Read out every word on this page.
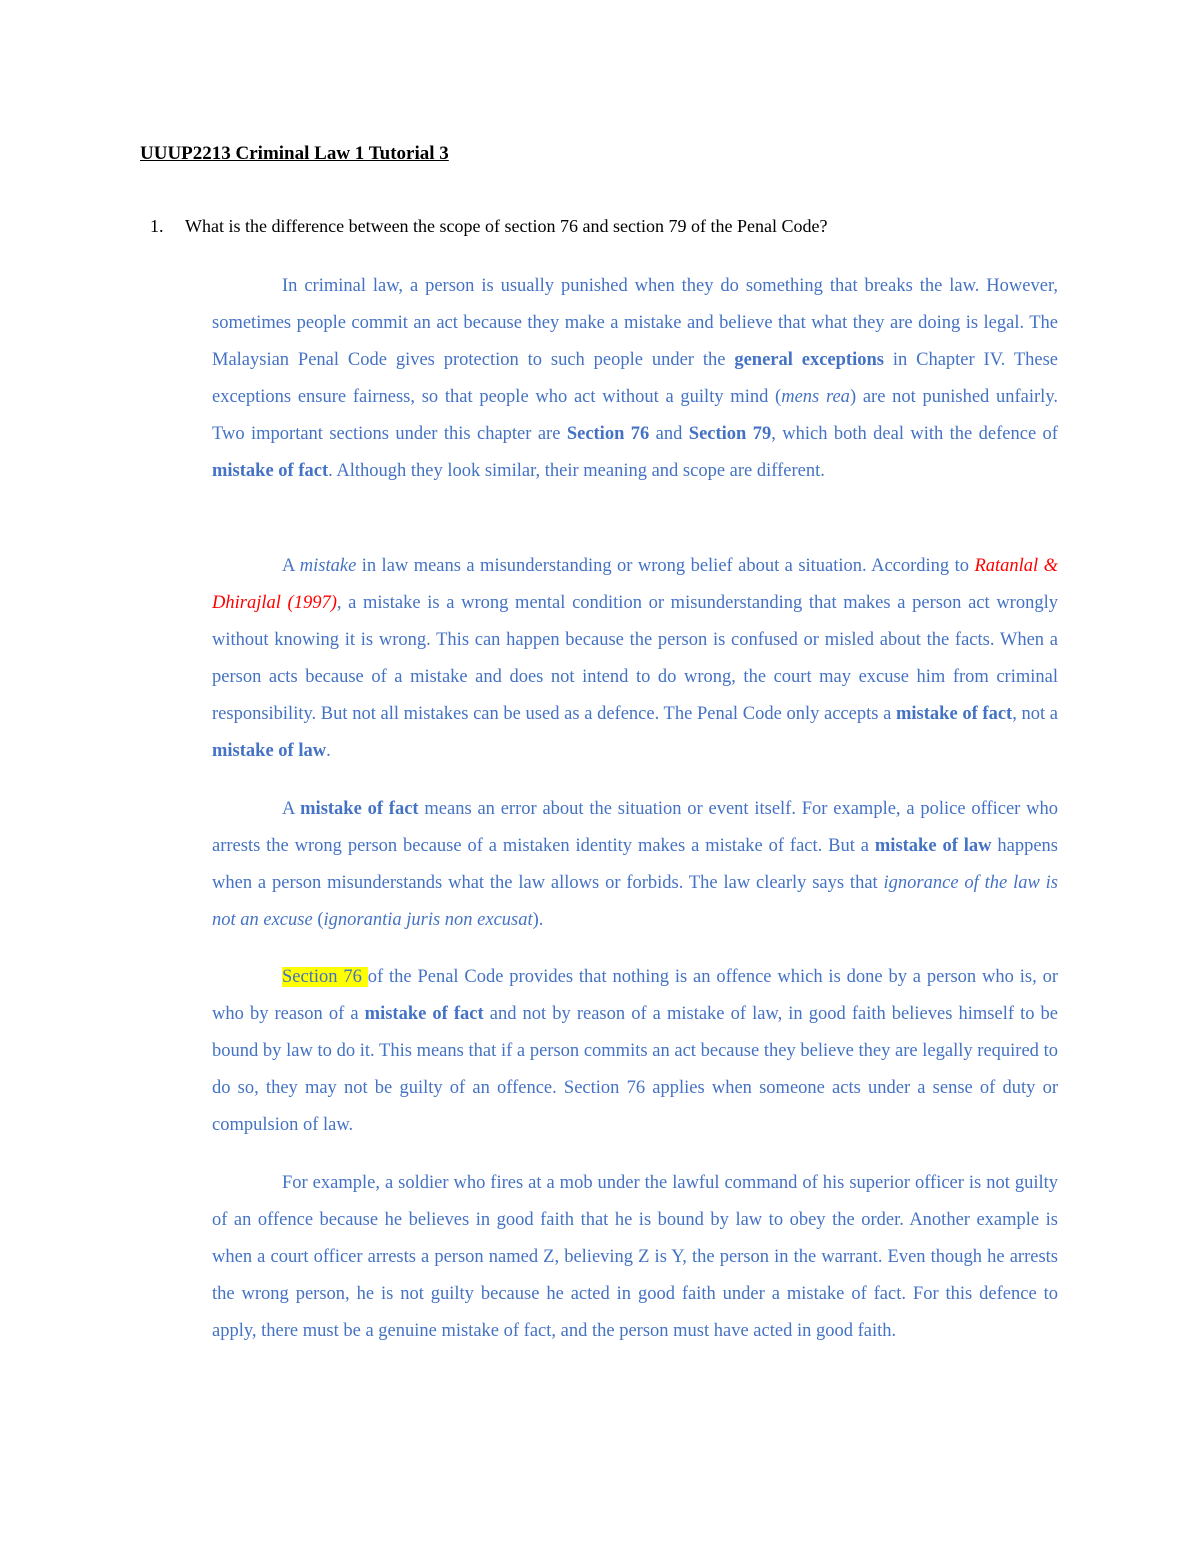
UUUP2213 Criminal Law 1 Tutorial 3

1. What is the difference between the scope of section 76 and section 79 of the Penal Code?

In criminal law, a person is usually punished when they do something that breaks the law. However, sometimes people commit an act because they make a mistake and believe that what they are doing is legal. The Malaysian Penal Code gives protection to such people under the general exceptions in Chapter IV. These exceptions ensure fairness, so that people who act without a guilty mind (mens rea) are not punished unfairly. Two important sections under this chapter are Section 76 and Section 79, which both deal with the defence of mistake of fact. Although they look similar, their meaning and scope are different.

A mistake in law means a misunderstanding or wrong belief about a situation. According to Ratanlal & Dhirajlal (1997), a mistake is a wrong mental condition or misunderstanding that makes a person act wrongly without knowing it is wrong. This can happen because the person is confused or misled about the facts. When a person acts because of a mistake and does not intend to do wrong, the court may excuse him from criminal responsibility. But not all mistakes can be used as a defence. The Penal Code only accepts a mistake of fact, not a mistake of law.

A mistake of fact means an error about the situation or event itself. For example, a police officer who arrests the wrong person because of a mistaken identity makes a mistake of fact. But a mistake of law happens when a person misunderstands what the law allows or forbids. The law clearly says that ignorance of the law is not an excuse (ignorantia juris non excusat).

Section 76 of the Penal Code provides that nothing is an offence which is done by a person who is, or who by reason of a mistake of fact and not by reason of a mistake of law, in good faith believes himself to be bound by law to do it. This means that if a person commits an act because they believe they are legally required to do so, they may not be guilty of an offence. Section 76 applies when someone acts under a sense of duty or compulsion of law.

For example, a soldier who fires at a mob under the lawful command of his superior officer is not guilty of an offence because he believes in good faith that he is bound by law to obey the order. Another example is when a court officer arrests a person named Z, believing Z is Y, the person in the warrant. Even though he arrests the wrong person, he is not guilty because he acted in good faith under a mistake of fact. For this defence to apply, there must be a genuine mistake of fact, and the person must have acted in good faith.
